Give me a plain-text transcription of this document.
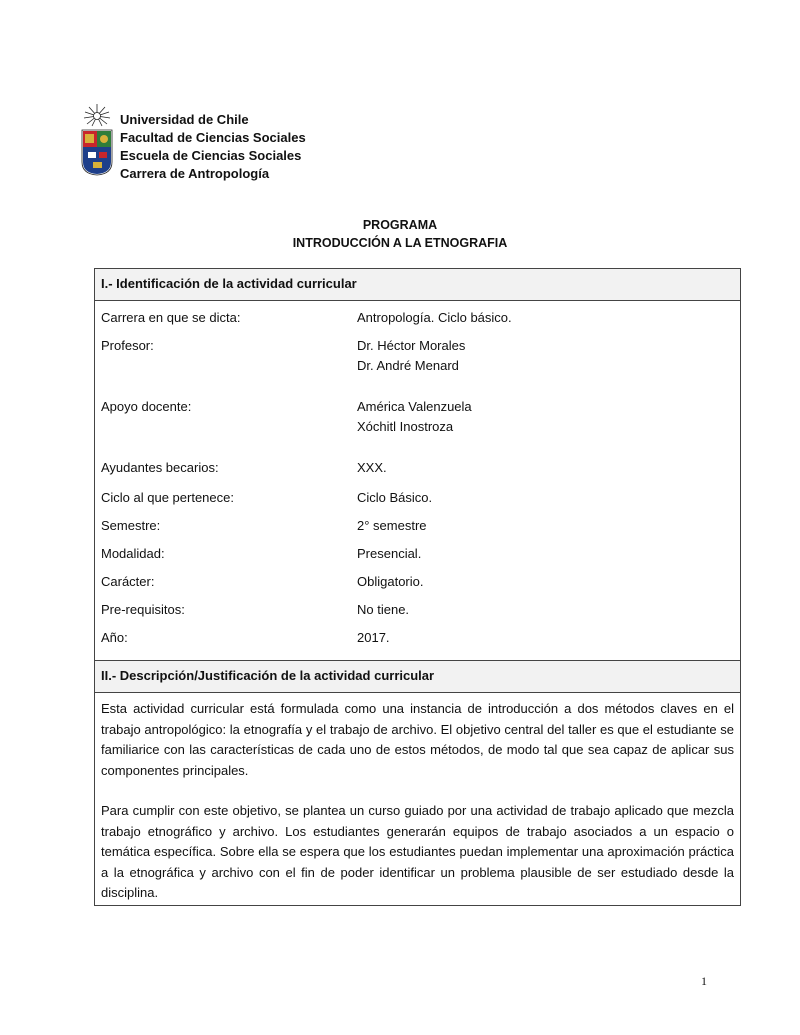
Universidad de Chile
Facultad de Ciencias Sociales
Escuela de Ciencias Sociales
Carrera de Antropología
PROGRAMA
INTRODUCCIÓN A LA ETNOGRAFIA
I.- Identificación de la actividad curricular
Carrera en que se dicta:	Antropología. Ciclo básico.
Profesor:	Dr. Héctor Morales
Dr. André Menard
Apoyo docente:	América Valenzuela
Xóchitl Inostroza
Ayudantes becarios:	XXX.
Ciclo al que pertenece:	Ciclo Básico.
Semestre:	2° semestre
Modalidad:	Presencial.
Carácter:	Obligatorio.
Pre-requisitos:	No tiene.
Año:	2017.
II.- Descripción/Justificación de la actividad curricular

Esta actividad curricular está formulada como una instancia de introducción a dos métodos claves en el trabajo antropológico: la etnografía y el trabajo de archivo. El objetivo central del taller es que el estudiante se familiarice con las características de cada uno de estos métodos, de modo tal que sea capaz de aplicar sus componentes principales.

Para cumplir con este objetivo, se plantea un curso guiado por una actividad de trabajo aplicado que mezcla trabajo etnográfico y archivo. Los estudiantes generarán equipos de trabajo asociados a un espacio o temática específica. Sobre ella se espera que los estudiantes puedan implementar una aproximación práctica a la etnográfica y archivo con el fin de poder identificar un problema plausible de ser estudiado desde la disciplina.

1
